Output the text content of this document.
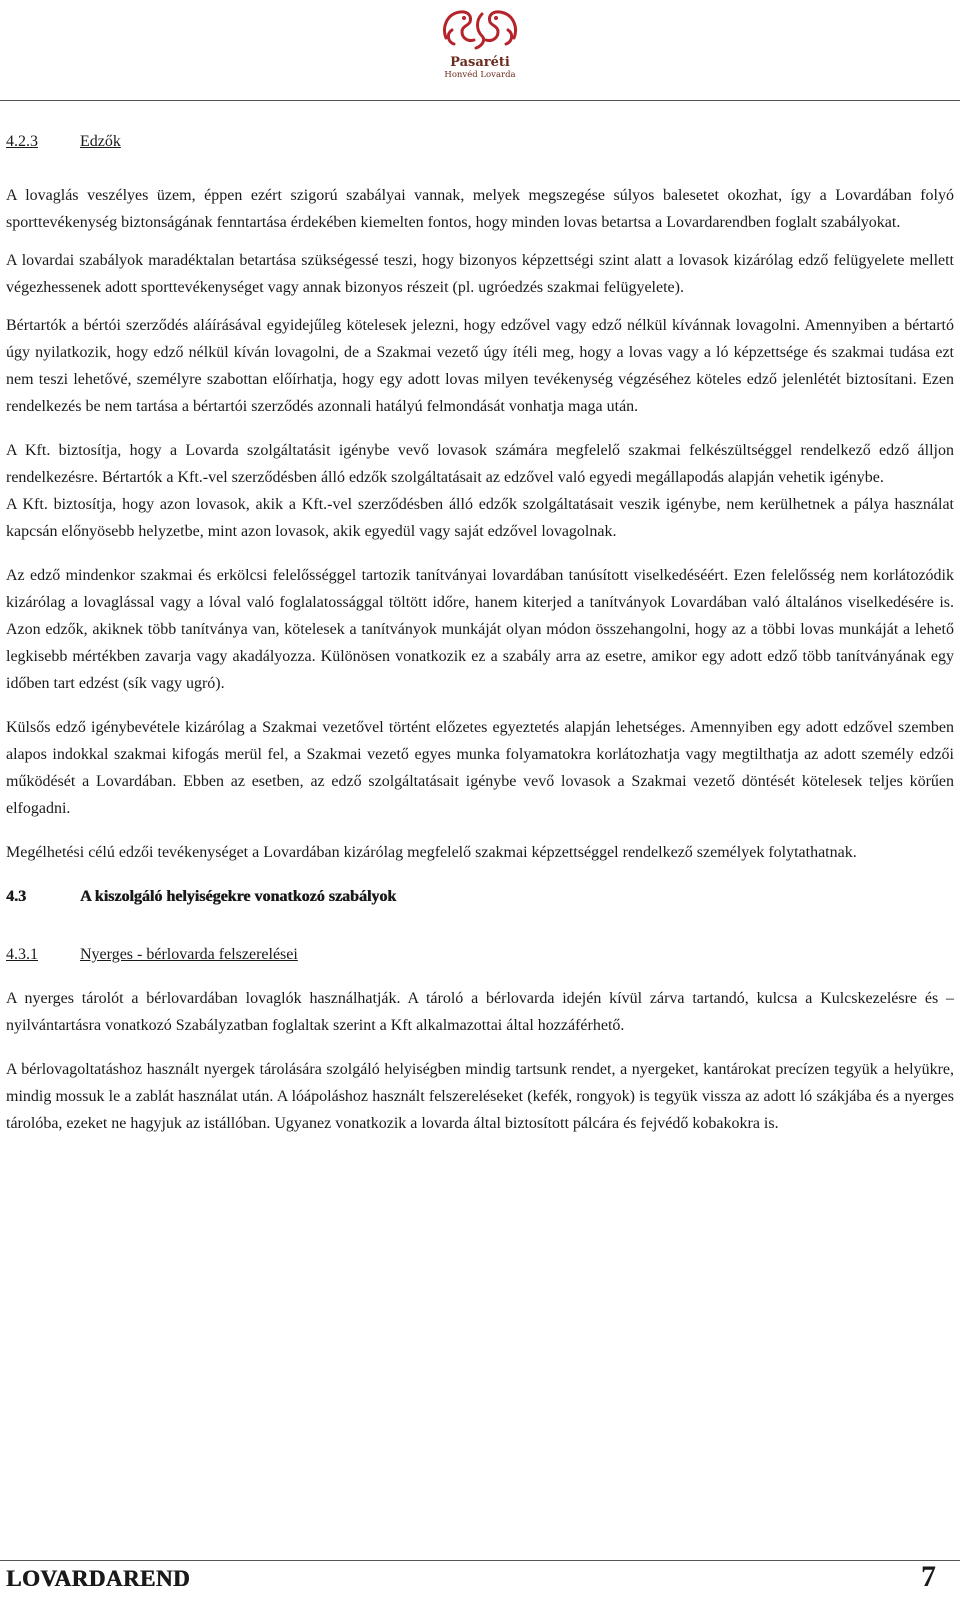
Pasaréti
Honvéd Lovarda
4.2.3	Edzők

A lovaglás veszélyes üzem, éppen ezért szigorú szabályai vannak, melyek megszegése súlyos balesetet okozhat, így a Lovardában folyó sporttevékenység biztonságának fenntartása érdekében kiemelten fontos, hogy minden lovas betartsa a Lovardarendben foglalt szabályokat.

A lovardai szabályok maradéktalan betartása szükségessé teszi, hogy bizonyos képzettségi szint alatt a lovasok kizárólag edző felügyelete mellett végezhessenek adott sporttevékenységet vagy annak bizonyos részeit (pl. ugróedzés szakmai felügyelete).

Bértartók a bértói szerződés aláírásával egyidejűleg kötelesek jelezni, hogy edzővel vagy edző nélkül kívánnak lovagolni. Amennyiben a bértartó úgy nyilatkozik, hogy edző nélkül kíván lovagolni, de a Szakmai vezető úgy ítéli meg, hogy a lovas vagy a ló képzettsége és szakmai tudása ezt nem teszi lehetővé, személyre szabottan előírhatja, hogy egy adott lovas milyen tevékenység végzéséhez köteles edző jelenlétét biztosítani. Ezen rendelkezés be nem tartása a bértartói szerződés azonnali hatályú felmondását vonhatja maga után.

A Kft. biztosítja, hogy a Lovarda szolgáltatásit igénybe vevő lovasok számára megfelelő szakmai felkészültséggel rendelkező edző álljon rendelkezésre. Bértartók a Kft.-vel szerződésben álló edzők szolgáltatásait az edzővel való egyedi megállapodás alapján vehetik igénybe.

A Kft. biztosítja, hogy azon lovasok, akik a Kft.-vel szerződésben álló edzők szolgáltatásait veszik igénybe, nem kerülhetnek a pálya használat kapcsán előnyösebb helyzetbe, mint azon lovasok, akik egyedül vagy saját edzővel lovagolnak.

Az edző mindenkor szakmai és erkölcsi felelősséggel tartozik tanítványai lovardában tanúsított viselkedéséért. Ezen felelősség nem korlátozódik kizárólag a lovaglással vagy a lóval való foglalatossággal töltött időre, hanem kiterjed a tanítványok Lovardában való általános viselkedésére is. Azon edzők, akiknek több tanítványa van, kötelesek a tanítványok munkáját olyan módon összehangolni, hogy az a többi lovas munkáját a lehető legkisebb mértékben zavarja vagy akadályozza. Különösen vonatkozik ez a szabály arra az esetre, amikor egy adott edző több tanítványának egy időben tart edzést (sík vagy ugró).

Külsős edző igénybevétele kizárólag a Szakmai vezetővel történt előzetes egyeztetés alapján lehetséges. Amennyiben egy adott edzővel szemben alapos indokkal szakmai kifogás merül fel, a Szakmai vezető egyes munka folyamatokra korlátozhatja vagy megtilthatja az adott személy edzői működését a Lovardában. Ebben az esetben, az edző szolgáltatásait igénybe vevő lovasok a Szakmai vezető döntését kötelesek teljes körűen elfogadni.

Megélhetési célú edzői tevékenységet a Lovardában kizárólag megfelelő szakmai képzettséggel rendelkező személyek folytathatnak.

4.3	A kiszolgáló helyiségekre vonatkozó szabályok
4.3.1	Nyerges - bérlovarda felszerelései

A nyerges tárolót a bérlovardában lovaglók használhatják. A tároló a bérlovarda idején kívül zárva tartandó, kulcsa a Kulcskezelésre és –nyilvántartásra vonatkozó Szabályzatban foglaltak szerint a Kft alkalmazottai által hozzáférhető.

A bérlovagoltatáshoz használt nyergek tárolására szolgáló helyiségben mindig tartsunk rendet, a nyergeket, kantárokat precízen tegyük a helyükre, mindig mossuk le a zablát használat után. A lóápoláshoz használt felszereléseket (kefék, rongyok) is tegyük vissza az adott ló szákjába és a nyerges tárolóba, ezeket ne hagyjuk az istállóban. Ugyanez vonatkozik a lovarda által biztosított pálcára és fejvédő kobakokra is.

LOVARDAREND	7
